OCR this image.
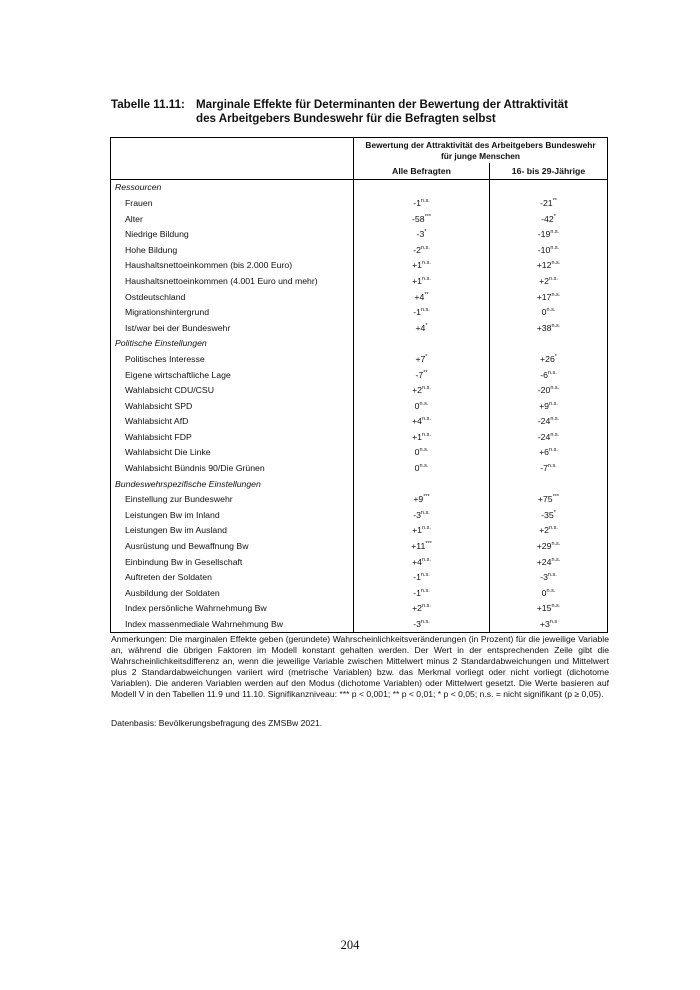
Tabelle 11.11: Marginale Effekte für Determinanten der Bewertung der Attraktivität
des Arbeitgebers Bundeswehr für die Befragten selbst
	Bewertung der Attraktivität des Arbeitgebers Bundeswehr für junge Menschen	
	Alle Befragten	16- bis 29-Jährige
Ressourcen		
Frauen	$-1^{n.s.}$	-21**
Alter	-58***	-42*
Niedrige Bildung	-3*	$-19^{n.s.}$
Hohe Bildung	$-2^{n.s.}$	$-10^{n.s.}$
Haushaltsnettoeinkommen (bis 2.000 Euro)	$+1^{n.s.}$	$+12^{n.s.}$
Haushaltsnettoeinkommen (4.001 Euro und mehr)	$+1^{n.s.}$	$+2^{n.s.}$
Ostdeutschland	+4**	$+17^{n.s.}$
Migrationshintergrund	$-1^{n.s.}$	$0^{n.s.}$
Ist/war bei der Bundeswehr	+4*	$+38^{n.s.}$
Politische Einstellungen		
Politisches Interesse	+7*	+26*
Eigene wirtschaftliche Lage	-7**	$-6^{n.s.}$
Wahlabsicht CDU/CSU	$+2^{n.s.}$	$-20^{n.s.}$
Wahlabsicht SPD	$0^{n.s.}$	$+9^{n.s.}$
Wahlabsicht AfD	$+4^{n.s.}$	$-24^{n.s.}$
Wahlabsicht FDP	$+1^{n.s.}$	$-24^{n.s.}$
Wahlabsicht Die Linke	$0^{n.s.}$	$+6^{n.s.}$
Wahlabsicht Bündnis 90/Die Grünen	$0^{n.s.}$	$-7^{n.s.}$
Bundeswehrspezifische Einstellungen		
Einstellung zur Bundeswehr	+9***	+75***
Leistungen Bw im Inland	$-3^{n.s.}$	-35*
Leistungen Bw im Ausland	$+1^{n.s.}$	$+2^{n.s.}$
Ausrüstung und Bewaffnung Bw	+11***	$+29^{n.s.}$
Einbindung Bw in Gesellschaft	$+4^{n.s.}$	$+24^{n.s.}$
Auftreten der Soldaten	$-1^{n.s.}$	$-3^{n.s.}$
Ausbildung der Soldaten	$-1^{n.s.}$	$0^{n.s.}$
Index persönliche Wahrnehmung Bw	$+2^{n.s.}$	$+15^{n.s.}$
Index massenmediale Wahrnehmung Bw	$-3^{n.s.}$	$+3^{n.s}$
Anmerkungen: Die marginalen Effekte geben (gerundete) Wahrscheinlichkeitsveränderungen (in Prozent) für die jeweilige Variable an, während die übrigen Faktoren im Modell konstant gehalten werden. Der Wert in der entsprechenden Zeile gibt die Wahrscheinlichkeitsdifferenz an, wenn die jeweilige Variable zwischen Mittelwert minus 2 Standardabweichungen und Mittelwert plus 2 Standardabweichungen variiert wird (metrische Variablen) bzw. das Merkmal vorliegt oder nicht vorliegt (dichotome Variablen). Die anderen Variablen werden auf den Modus (dichotome Variablen) oder Mittelwert gesetzt. Die Werte basieren auf Modell V in den Tabellen 11.9 und 11.10. Signifikanzniveau: *** p < 0,001; ** p < 0,01; * p < 0,05; n.s. = nicht signifikant (p ≥ 0,05).
Datenbasis: Bevölkerungsbefragung des ZMSBw 2021.
204
